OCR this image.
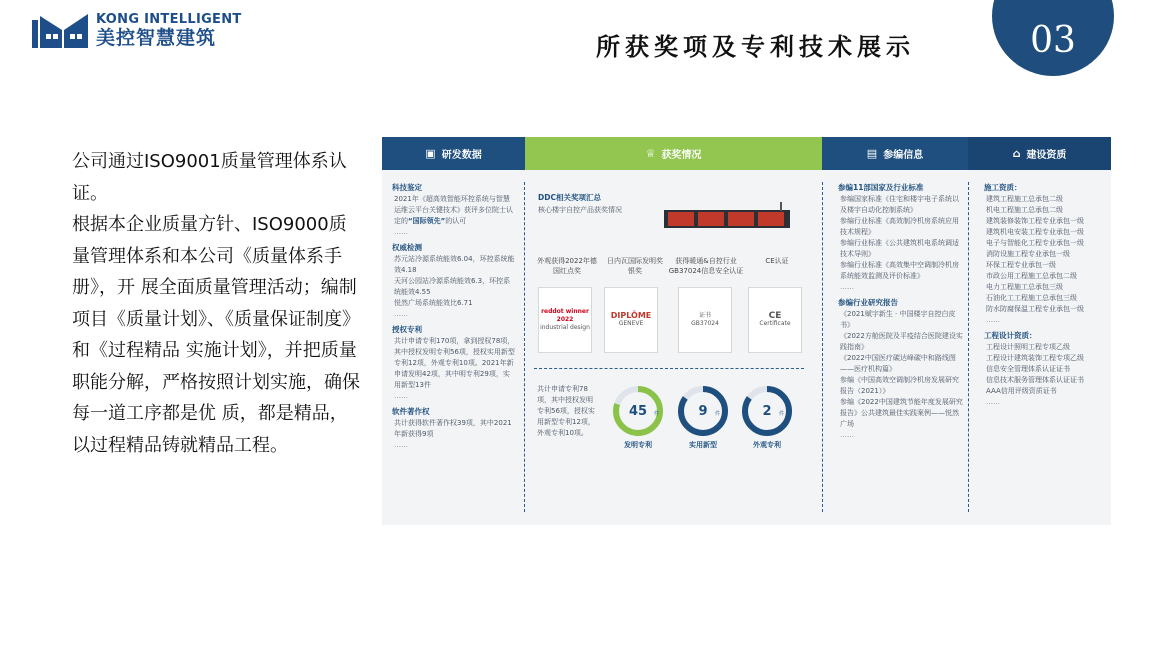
KONG INTELLIGENT
美控智慧建筑	所获奖项及专利技术展示	03

公司通过ISO9001质量管理体系认证。

根据本企业质量方针、ISO9000质量管理体系和本公司《质量体系手册》，开 展全面质量管理活动；编制项目《质量计划》、《质量保证制度》和《过程精品 实施计划》，并把质量职能分解，严格按照计划实施，确保每一道工序都是优 质，都是精品，以过程精品铸就精品工程。

▣ 研发数据	♕ 获奖情况	▤ 参编信息	⌂ 建设资质
科技鉴定
2021年《超高效智能环控系统与智慧运维云平台关键技术》获评多位院士认定的“国际领先”的认可
……
权威检测
苏元站冷源系统能效6.04，环控系统能效4.18
天河公园站冷源系统能效6.3，环控系统能效4.55
悦然广场系统能效比6.71
……
授权专利
共计申请专利170项，拿到授权78项，其中授权发明专利56项，授权实用新型专利12项，外观专利10项。2021年新申请发明42项，其中明专利29项，实用新型13件
……
软件著作权
共计获得软件著作权39项，其中2021年新获得9项
……
DDC相关奖项汇总
核心楼宇自控产品获奖情况
外观获得2022年德国红点奖
日内瓦国际发明奖银奖
获得暖通&自控行业GB37024信息安全认证
CE认证
reddot winner 2022
industrial design
DIPLÔME
GENEVE
证书
GB37024
CE
Certificate
共计申请专利78项，其中授权发明专利56项，授权实用新型专利12项，外观专利10项。
45 件	9 件	2 件
发明专利	实用新型	外观专利
参编11部国家及行业标准
参编国家标准《住宅和楼宇电子系统以及楼宇自动化控制系统》
参编行业标准《高效制冷机房系统应用技术规程》
参编行业标准《公共建筑机电系统调适技术导则》
参编行业标准《高效集中空调制冷机房系统能效监测及评价标准》
……
参编行业研究报告
《2021赋宇新生 · 中国楼宇自控白皮书》
《2022方舱医院及平疫结合医院建设实践指南》
《2022中国医疗碳达峰碳中和路线图——医疗机构篇》
参编《中国高效空调制冷机房发展研究报告（2021）》
参编《2022中国建筑节能年度发展研究报告》公共建筑最佳实践案例——悦然广场
……
施工资质：
建筑工程施工总承包二级
机电工程施工总承包二级
建筑装修装饰工程专业承包一级
建筑机电安装工程专业承包一级
电子与智能化工程专业承包一级
消防设施工程专业承包一级
环保工程专业承包一级
市政公用工程施工总承包二级
电力工程施工总承包三级
石油化工工程施工总承包三级
防水防腐保温工程专业承包一级
……
工程设计资质：
工程设计照明工程专项乙级
工程设计建筑装饰工程专项乙级
信息安全管理体系认证证书
信息技术服务管理体系认证证书
AAA信用评级资质证书
……
